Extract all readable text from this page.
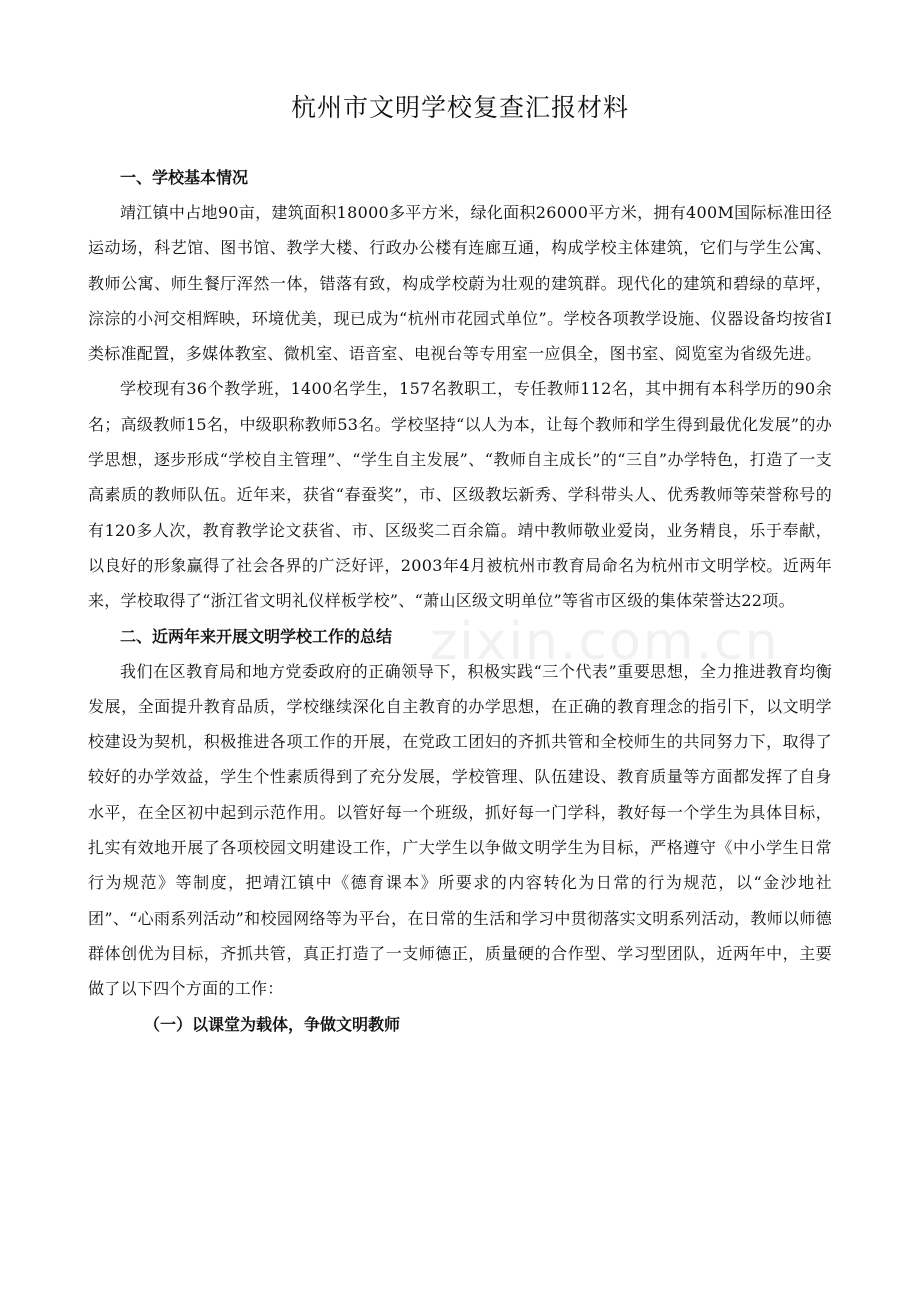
杭州市文明学校复查汇报材料
一、学校基本情况

靖江镇中占地90亩，建筑面积18000多平方米，绿化面积26000平方米，拥有400M国际标准田径运动场，科艺馆、图书馆、教学大楼、行政办公楼有连廊互通，构成学校主体建筑，它们与学生公寓、教师公寓、师生餐厅浑然一体，错落有致，构成学校蔚为壮观的建筑群。现代化的建筑和碧绿的草坪，淙淙的小河交相辉映，环境优美，现已成为“杭州市花园式单位”。学校各项教学设施、仪器设备均按省Ⅰ类标准配置，多媒体教室、微机室、语音室、电视台等专用室一应俱全，图书室、阅览室为省级先进。

学校现有36个教学班，1400名学生，157名教职工，专任教师112名，其中拥有本科学历的90余名；高级教师15名，中级职称教师53名。学校坚持“以人为本，让每个教师和学生得到最优化发展”的办学思想，逐步形成“学校自主管理”、“学生自主发展”、“教师自主成长”的“三自”办学特色，打造了一支高素质的教师队伍。近年来，获省“春蚕奖”，市、区级教坛新秀、学科带头人、优秀教师等荣誉称号的有120多人次，教育教学论文获省、市、区级奖二百余篇。靖中教师敬业爱岗，业务精良，乐于奉献，以良好的形象赢得了社会各界的广泛好评，2003年4月被杭州市教育局命名为杭州市文明学校。近两年来，学校取得了“浙江省文明礼仪样板学校”、“萧山区级文明单位”等省市区级的集体荣誉达22项。

二、近两年来开展文明学校工作的总结

我们在区教育局和地方党委政府的正确领导下，积极实践“三个代表”重要思想，全力推进教育均衡发展，全面提升教育品质，学校继续深化自主教育的办学思想，在正确的教育理念的指引下，以文明学校建设为契机，积极推进各项工作的开展，在党政工团妇的齐抓共管和全校师生的共同努力下，取得了较好的办学效益，学生个性素质得到了充分发展，学校管理、队伍建设、教育质量等方面都发挥了自身水平，在全区初中起到示范作用。以管好每一个班级，抓好每一门学科，教好每一个学生为具体目标，扎实有效地开展了各项校园文明建设工作，广大学生以争做文明学生为目标，严格遵守《中小学生日常行为规范》等制度，把靖江镇中《德育课本》所要求的内容转化为日常的行为规范，以“金沙地社团”、“心雨系列活动”和校园网络等为平台，在日常的生活和学习中贯彻落实文明系列活动，教师以师德群体创优为目标，齐抓共管，真正打造了一支师德正，质量硬的合作型、学习型团队，近两年中，主要做了以下四个方面的工作：

（一）以课堂为载体，争做文明教师
zixin.com.cn
